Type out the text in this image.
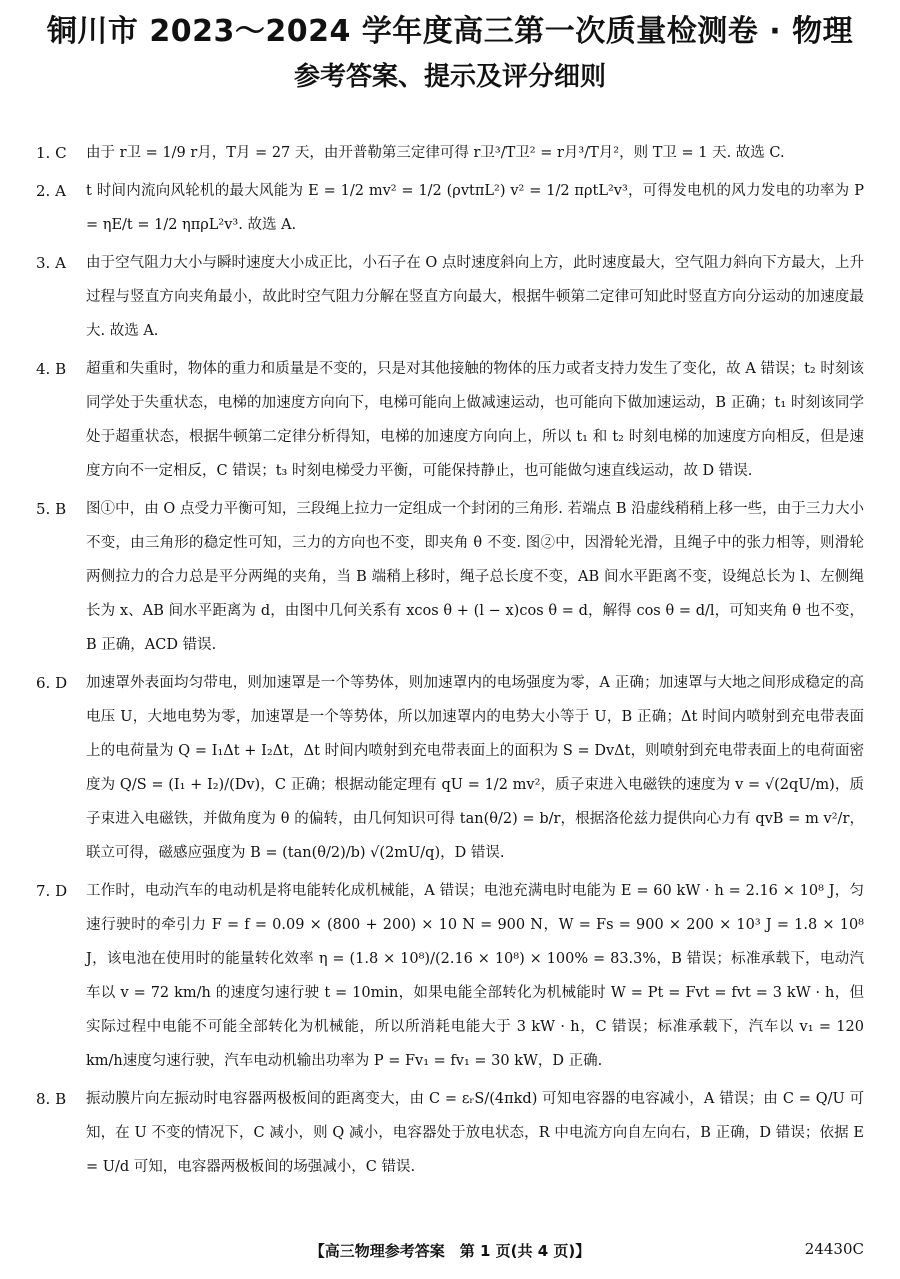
铜川市 2023～2024 学年度高三第一次质量检测卷 · 物理
参考答案、提示及评分细则
1. C	由于 r卫 = 1/9 r月，T月 = 27 天，由开普勒第三定律可得 r卫³/T卫² = r月³/T月²，则 T卫 = 1 天. 故选 C.
2. A	t 时间内流向风轮机的最大风能为 E = 1/2 mv² = 1/2 (ρvtπL²) v² = 1/2 πρtL²v³，可得发电机的风力发电的功率为 P = ηE/t = 1/2 ηπρL²v³. 故选 A.
3. A	由于空气阻力大小与瞬时速度大小成正比，小石子在 O 点时速度斜向上方，此时速度最大，空气阻力斜向下方最大，上升过程与竖直方向夹角最小，故此时空气阻力分解在竖直方向最大，根据牛顿第二定律可知此时竖直方向分运动的加速度最大. 故选 A.
4. B	超重和失重时，物体的重力和质量是不变的，只是对其他接触的物体的压力或者支持力发生了变化，故 A 错误；t₂ 时刻该同学处于失重状态，电梯的加速度方向向下，电梯可能向上做减速运动，也可能向下做加速运动，B 正确；t₁ 时刻该同学处于超重状态，根据牛顿第二定律分析得知，电梯的加速度方向向上，所以 t₁ 和 t₂ 时刻电梯的加速度方向相反，但是速度方向不一定相反，C 错误；t₃ 时刻电梯受力平衡，可能保持静止，也可能做匀速直线运动，故 D 错误.
5. B	图①中，由 O 点受力平衡可知，三段绳上拉力一定组成一个封闭的三角形. 若端点 B 沿虚线稍稍上移一些，由于三力大小不变，由三角形的稳定性可知，三力的方向也不变，即夹角 θ 不变. 图②中，因滑轮光滑，且绳子中的张力相等，则滑轮两侧拉力的合力总是平分两绳的夹角，当 B 端稍上移时，绳子总长度不变，AB 间水平距离不变，设绳总长为 l、左侧绳长为 x、AB 间水平距离为 d，由图中几何关系有 xcos θ + (l − x)cos θ = d，解得 cos θ = d/l，可知夹角 θ 也不变，B 正确，ACD 错误.
6. D	加速罩外表面均匀带电，则加速罩是一个等势体，则加速罩内的电场强度为零，A 正确；加速罩与大地之间形成稳定的高电压 U，大地电势为零，加速罩是一个等势体，所以加速罩内的电势大小等于 U，B 正确；Δt 时间内喷射到充电带表面上的电荷量为 Q = I₁Δt + I₂Δt，Δt 时间内喷射到充电带表面上的面积为 S = DvΔt，则喷射到充电带表面上的电荷面密度为 Q/S = (I₁ + I₂)/(Dv)，C 正确；根据动能定理有 qU = 1/2 mv²，质子束进入电磁铁的速度为 v = √(2qU/m)，质子束进入电磁铁，并做角度为 θ 的偏转，由几何知识可得 tan(θ/2) = b/r，根据洛伦兹力提供向心力有 qvB = m v²/r，联立可得，磁感应强度为 B = (tan(θ/2)/b) √(2mU/q)，D 错误.
7. D	工作时，电动汽车的电动机是将电能转化成机械能，A 错误；电池充满电时电能为 E = 60 kW · h = 2.16 × 10⁸ J，匀速行驶时的牵引力 F = f = 0.09 × (800 + 200) × 10 N = 900 N，W = Fs = 900 × 200 × 10³ J = 1.8 × 10⁸ J，该电池在使用时的能量转化效率 η = (1.8 × 10⁸)/(2.16 × 10⁸) × 100% = 83.3%，B 错误；标准承载下，电动汽车以 v = 72 km/h 的速度匀速行驶 t = 10min，如果电能全部转化为机械能时 W = Pt = Fvt = fvt = 3 kW · h，但实际过程中电能不可能全部转化为机械能，所以所消耗电能大于 3 kW · h，C 错误；标准承载下，汽车以 v₁ = 120 km/h速度匀速行驶，汽车电动机输出功率为 P = Fv₁ = fv₁ = 30 kW，D 正确.
8. B	振动膜片向左振动时电容器两极板间的距离变大，由 C = εᵣS/(4πkd) 可知电容器的电容减小，A 错误；由 C = Q/U 可知，在 U 不变的情况下，C 减小，则 Q 减小，电容器处于放电状态，R 中电流方向自左向右，B 正确，D 错误；依据 E = U/d 可知，电容器两极板间的场强减小，C 错误.
【高三物理参考答案　第 1 页(共 4 页)】	24430C
